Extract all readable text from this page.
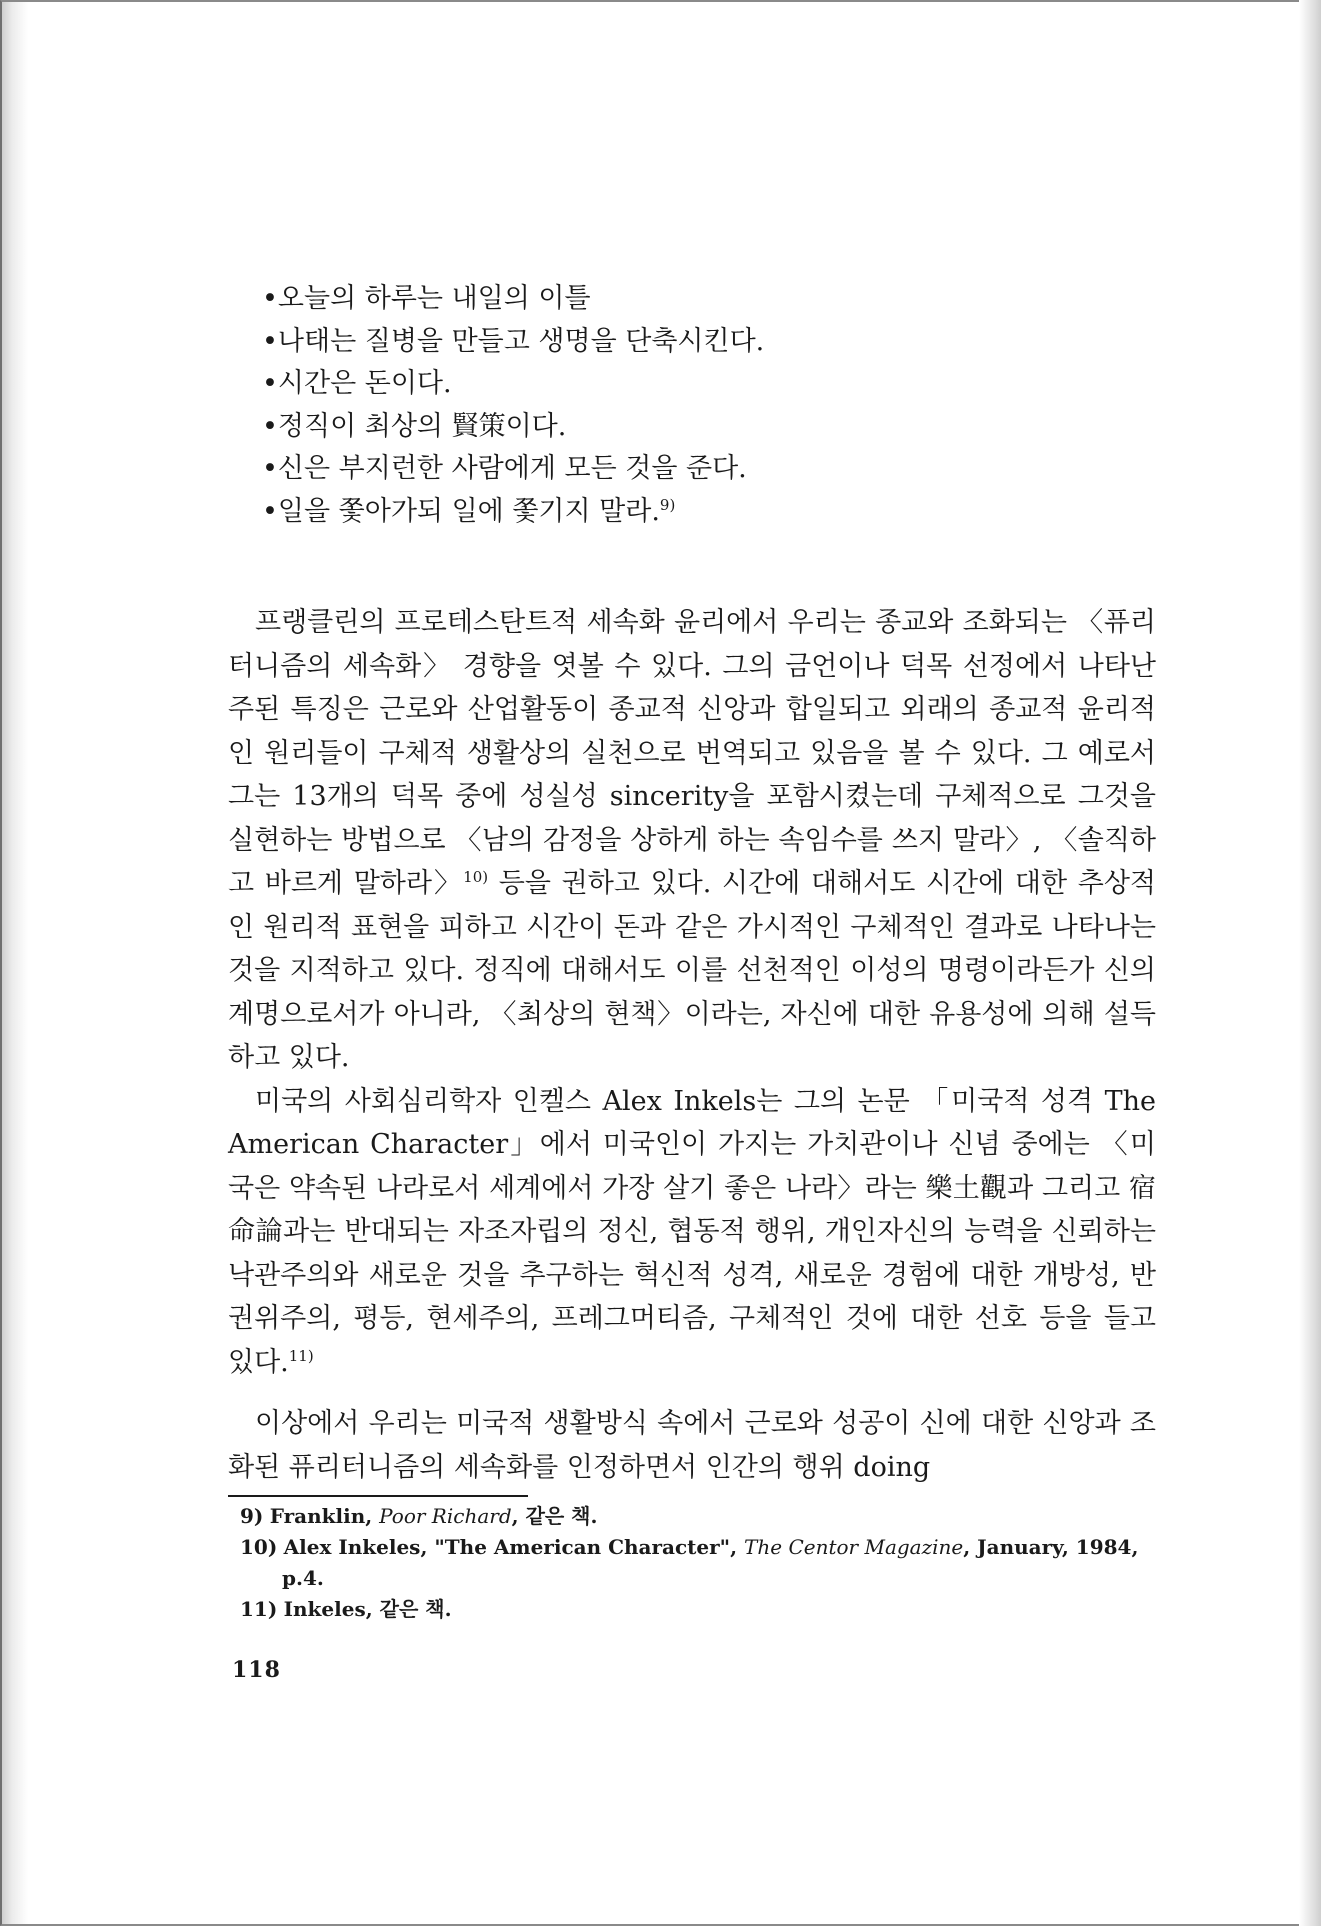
•오늘의 하루는 내일의 이틀
•나태는 질병을 만들고 생명을 단축시킨다.
•시간은 돈이다.
•정직이 최상의 賢策이다.
•신은 부지런한 사람에게 모든 것을 준다.
•일을 쫓아가되 일에 쫓기지 말라.$^{9)}$

프랭클린의 프로테스탄트적 세속화 윤리에서 우리는 종교와 조화되는 〈퓨리터니즘의 세속화〉 경향을 엿볼 수 있다. 그의 금언이나 덕목 선정에서 나타난 주된 특징은 근로와 산업활동이 종교적 신앙과 합일되고 외래의 종교적 윤리적인 원리들이 구체적 생활상의 실천으로 번역되고 있음을 볼 수 있다. 그 예로서 그는 13개의 덕목 중에 성실성 sincerity을 포함시켰는데 구체적으로 그것을 실현하는 방법으로 〈남의 감정을 상하게 하는 속임수를 쓰지 말라〉, 〈솔직하고 바르게 말하라〉$^{10)}$ 등을 권하고 있다. 시간에 대해서도 시간에 대한 추상적인 원리적 표현을 피하고 시간이 돈과 같은 가시적인 구체적인 결과로 나타나는 것을 지적하고 있다. 정직에 대해서도 이를 선천적인 이성의 명령이라든가 신의 계명으로서가 아니라, 〈최상의 현책〉이라는, 자신에 대한 유용성에 의해 설득하고 있다.

미국의 사회심리학자 인켈스 Alex Inkels는 그의 논문 「미국적 성격 The American Character」에서 미국인이 가지는 가치관이나 신념 중에는 〈미국은 약속된 나라로서 세계에서 가장 살기 좋은 나라〉라는 樂土觀과 그리고 宿命論과는 반대되는 자조자립의 정신, 협동적 행위, 개인자신의 능력을 신뢰하는 낙관주의와 새로운 것을 추구하는 혁신적 성격, 새로운 경험에 대한 개방성, 반권위주의, 평등, 현세주의, 프레그머티즘, 구체적인 것에 대한 선호 등을 들고 있다.$^{11)}$

이상에서 우리는 미국적 생활방식 속에서 근로와 성공이 신에 대한 신앙과 조화된 퓨리터니즘의 세속화를 인정하면서 인간의 행위 doing

9) Franklin, Poor Richard, 같은 책.
10) Alex Inkeles, "The American Character", The Centor Magazine, January, 1984, p.4.
11) Inkeles, 같은 책.
118
